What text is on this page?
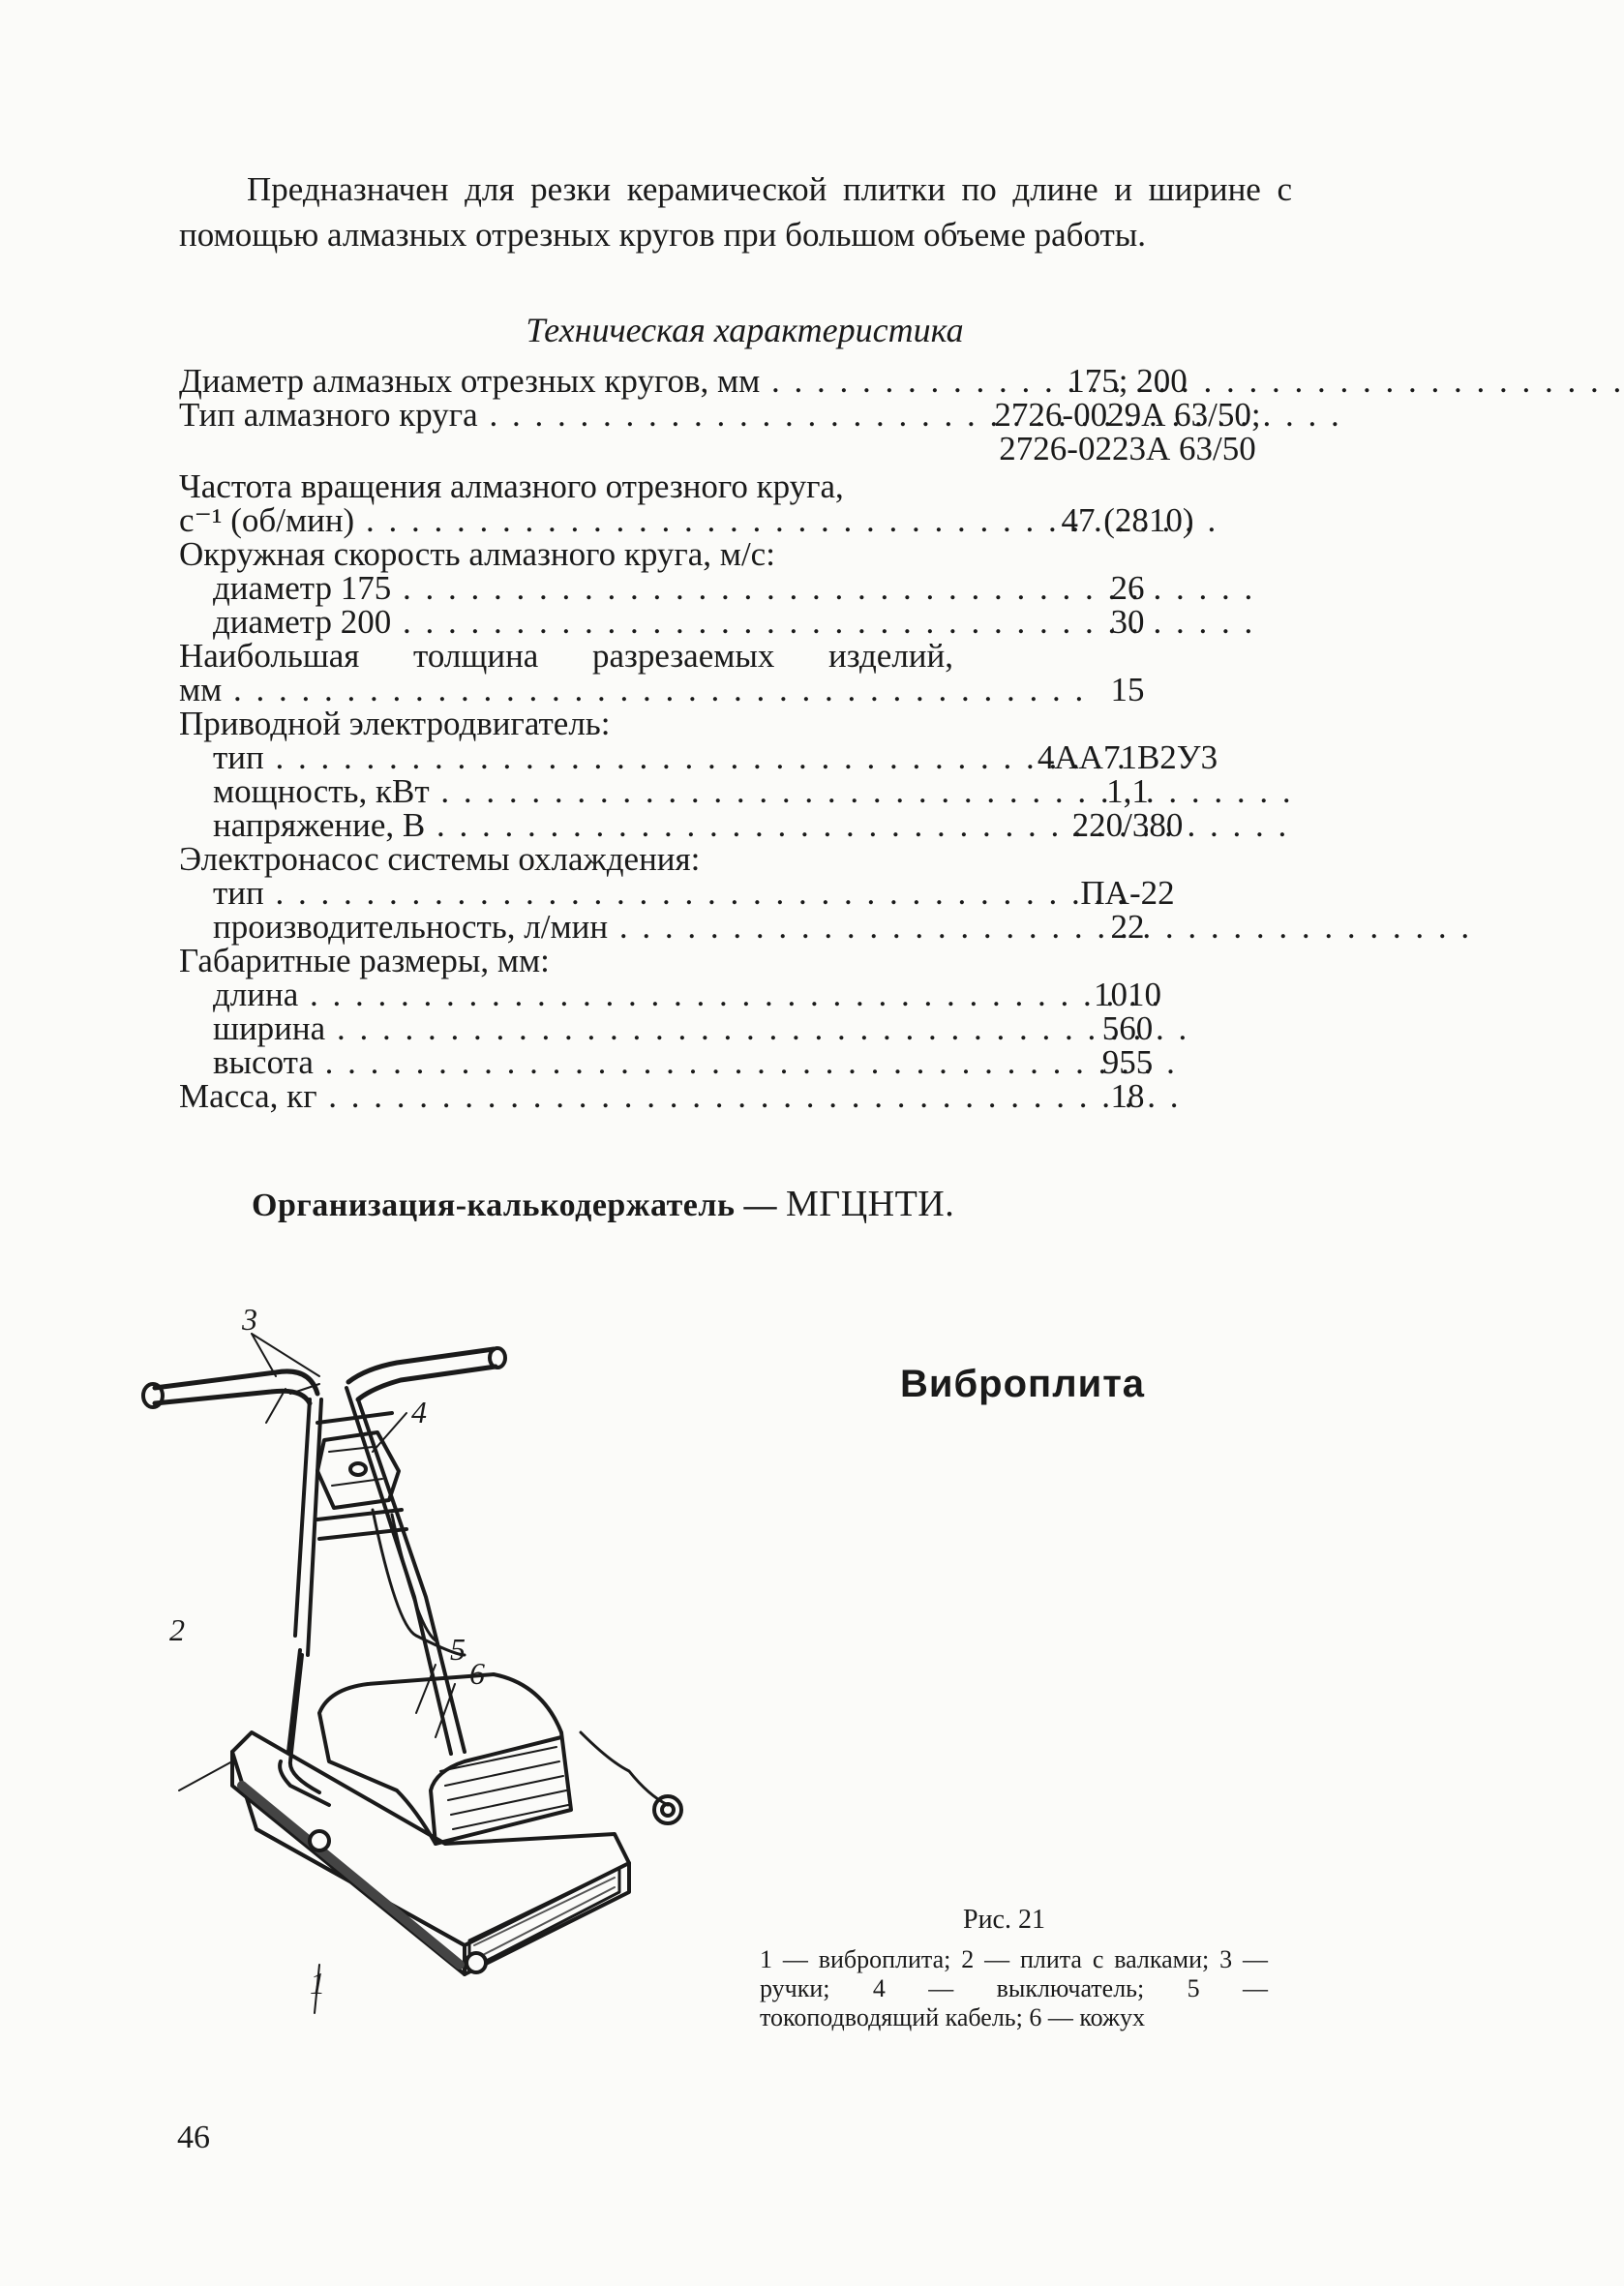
Предназначен для резки керамической плитки по длине и ширине с помощью алмазных отрезных кругов при большом объеме работы.

Техническая характеристика
Диаметр алмазных отрезных кругов, мм . . .	175; 200
Тип алмазного круга . . .	2726-0029А 63/50;
2726-0223А 63/50
Частота вращения алмазного отрезного круга,
с⁻¹ (об/мин) . . .	47 (2810)
Окружная скорость алмазного круга, м/с:
диаметр 175 . . .	26
диаметр 200 . . .	30
Наибольшая толщина разрезаемых изделий,
мм . . .	15
Приводной электродвигатель:
тип . . .	4АА71В2У3
мощность, кВт . . .	1,1
напряжение, В . . .	220/380
Электронасос системы охлаждения:
тип . . .	ПА-22
производительность, л/мин . . .	22
Габаритные размеры, мм:
длина . . .	1010
ширина . . .	560
высота . . .	955
Масса, кг . . .	18
Организация-калькодержатель — МГЦНТИ.
Виброплита
1
2
3
4
5
6
Рис. 21
1 — виброплита; 2 — плита с валками; 3 — ручки; 4 — выключатель; 5 — токоподводящий кабель; 6 — кожух
46
